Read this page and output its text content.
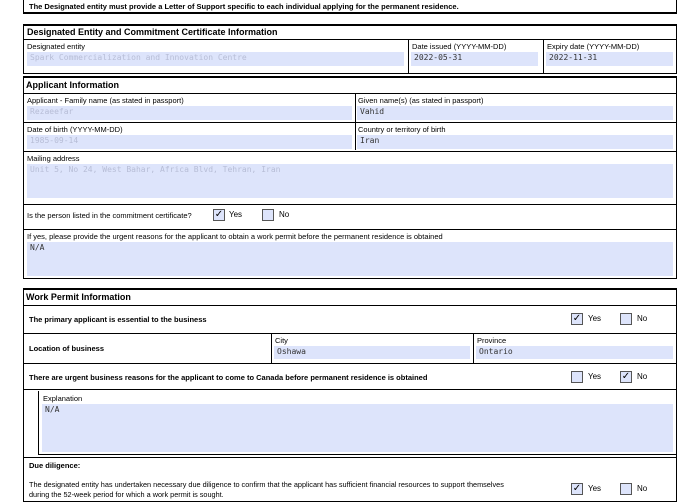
The Designated entity must provide a Letter of Support specific to each individual applying for the permanent residence.
Designated Entity and Commitment Certificate Information
Designated entity
Spark Commercialization and Innovation Centre
Date issued (YYYY-MM-DD)
2022-05-31
Expiry date (YYYY-MM-DD)
2022-11-31
Applicant Information
Applicant - Family name (as stated in passport)
Rezaeefar
Given name(s) (as stated in passport)
Vahid
Date of birth (YYYY-MM-DD)
1985-09-14
Country or territory of birth
Iran
Mailing address
Unit 5, No 24, West Bahar, Africa Blvd, Tehran, Iran
Is the person listed in the commitment certificate? ✓ Yes	No
If yes, please provide the urgent reasons for the applicant to obtain a work permit before the permanent residence is obtained
N/A
Work Permit Information
The primary applicant is essential to the business	✓ Yes	No
Location of business
City
Oshawa
Province
Ontario
There are urgent business reasons for the applicant to come to Canada before permanent residence is obtained	Yes ✓ No
Explanation
N/A
Due diligence:
The designated entity has undertaken necessary due diligence to confirm that the applicant has sufficient financial resources to support themselves
during the 52-week period for which a work permit is sought.
✓ Yes	No
